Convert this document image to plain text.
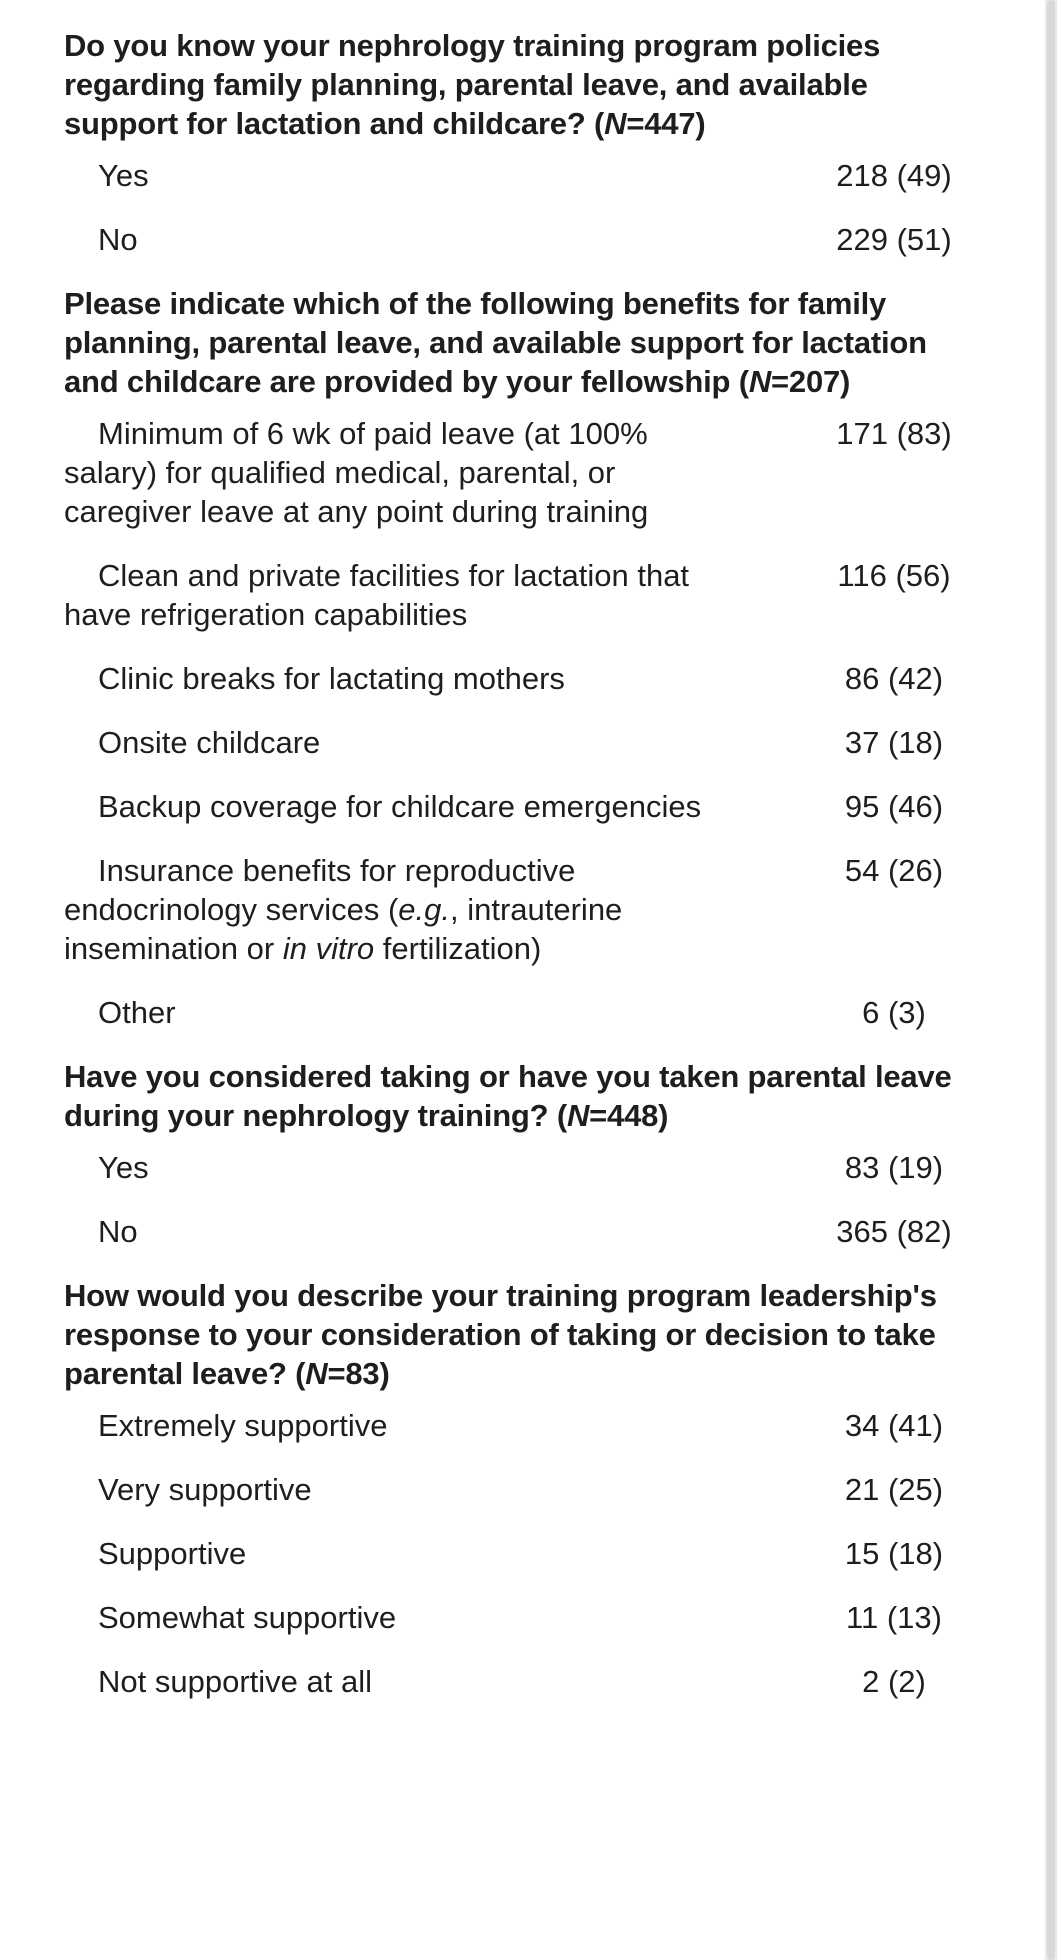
Do you know your nephrology training program policies regarding family planning, parental leave, and available support for lactation and childcare? (N=447)

Yes	218 (49)
No	229 (51)

Please indicate which of the following benefits for family planning, parental leave, and available support for lactation and childcare are provided by your fellowship (N=207)

Minimum of 6 wk of paid leave (at 100% salary) for qualified medical, parental, or caregiver leave at any point during training
171 (83)
Clean and private facilities for lactation that have refrigeration capabilities
116 (56)
Clinic breaks for lactating mothers	86 (42)
Onsite childcare	37 (18)
Backup coverage for childcare emergencies	95 (46)
Insurance benefits for reproductive endocrinology services (e.g., intrauterine insemination or in vitro fertilization)
54 (26)
Other	6 (3)

Have you considered taking or have you taken parental leave during your nephrology training? (N=448)

Yes	83 (19)
No	365 (82)

How would you describe your training program leadership's response to your consideration of taking or decision to take parental leave? (N=83)

Extremely supportive	34 (41)
Very supportive	21 (25)
Supportive	15 (18)
Somewhat supportive	11 (13)
Not supportive at all	2 (2)
